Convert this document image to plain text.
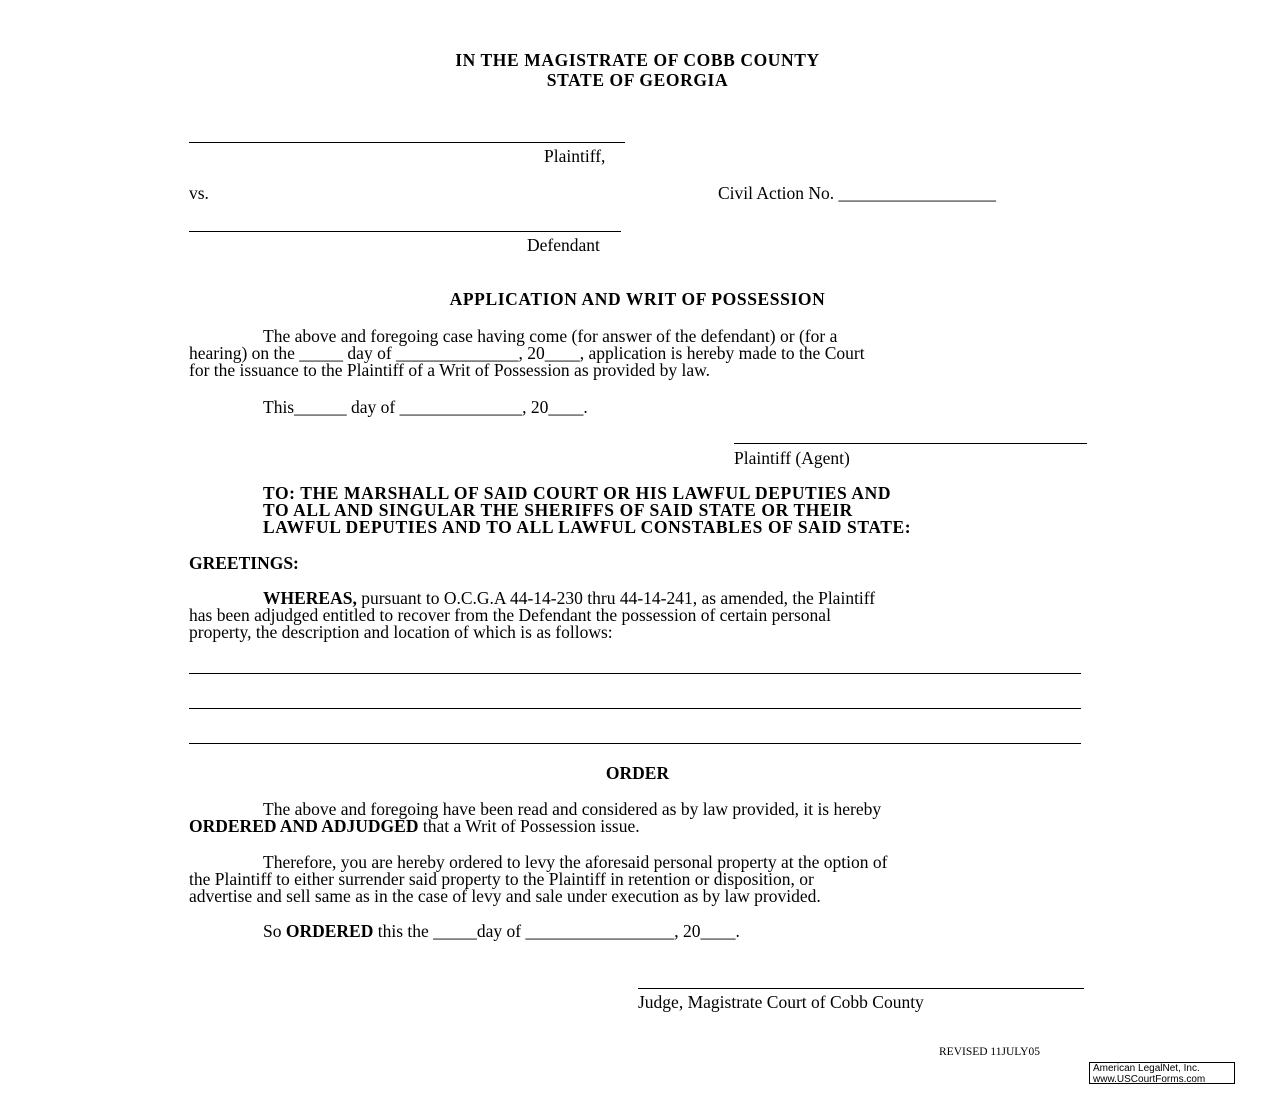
IN THE MAGISTRATE OF COBB COUNTY
STATE OF GEORGIA
Plaintiff,
vs.	Civil Action No. __________________
Defendant
APPLICATION AND WRIT OF POSSESSION
The above and foregoing case having come (for answer of the defendant) or (for a
hearing) on the _____ day of ______________, 20____, application is hereby made to the Court
for the issuance to the Plaintiff of a Writ of Possession as provided by law.
This______ day of ______________, 20____.
Plaintiff (Agent)
TO: THE MARSHALL OF SAID COURT OR HIS LAWFUL DEPUTIES AND
TO ALL AND SINGULAR THE SHERIFFS OF SAID STATE OR THEIR
LAWFUL DEPUTIES AND TO ALL LAWFUL CONSTABLES OF SAID STATE:
GREETINGS:
WHEREAS, pursuant to O.C.G.A 44-14-230 thru 44-14-241, as amended, the Plaintiff
has been adjudged entitled to recover from the Defendant the possession of certain personal
property, the description and location of which is as follows:
ORDER
The above and foregoing have been read and considered as by law provided, it is hereby
ORDERED AND ADJUDGED that a Writ of Possession issue.
Therefore, you are hereby ordered to levy the aforesaid personal property at the option of
the Plaintiff to either surrender said property to the Plaintiff in retention or disposition, or
advertise and sell same as in the case of levy and sale under execution as by law provided.
So ORDERED this the _____day of _________________, 20____.
Judge, Magistrate Court of Cobb County
REVISED 11JULY05
American LegalNet, Inc.
www.USCourtForms.com
